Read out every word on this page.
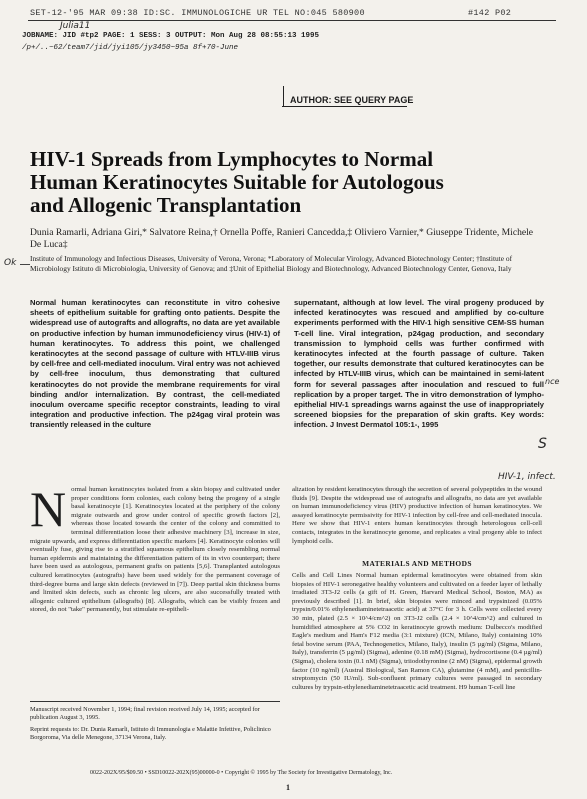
SET-12-'95 MAR 09:38 ID:SC. IMMUNOLOGICHE UR TEL NO:045 580900	#142 P02
Julia11
JOBNAME: JID #tp2 PAGE: 1 SESS: 3 OUTPUT: Mon Aug 28 08:55:13 1995
/p+/..~62/team7/jid/jyi105/jy3450~95a 8f+70-June
AUTHOR: SEE QUERY PAGE
HIV-1 Spreads from Lymphocytes to Normal Human Keratinocytes Suitable for Autologous and Allogenic Transplantation
Dunia Ramarli, Adriana Giri,* Salvatore Reina,† Ornella Poffe, Ranieri Cancedda,‡ Oliviero Varnier,* Giuseppe Tridente, Michele De Luca‡
Ok Institute of Immunology and Infectious Diseases, University of Verona, Verona; *Laboratory of Molecular Virology, Advanced Biotechnology Center; †Institute of Microbiology Istituto di Microbiologia, University of Genova; and ‡Unit of Epithelial Biology and Biotechnology, Advanced Biotechnology Center, Genova, Italy
Normal human keratinocytes can reconstitute in vitro cohesive sheets of epithelium suitable for grafting onto patients. Despite the widespread use of autografts and allografts, no data are yet available on productive infection by human immunodeficiency virus (HIV-1) of human keratinocytes. To address this point, we challenged keratinocytes at the second passage of culture with HTLV-IIIB virus by cell-free and cell-mediated inoculum. Viral entry was not achieved by cell-free inoculum, thus demonstrating that cultured keratinocytes do not provide the membrane requirements for viral binding and/or internalization. By contrast, the cell-mediated inoculum overcame specific receptor constraints, leading to viral integration and productive infection. The p24gag viral protein was transiently released in the culture
supernatant, although at low level. The viral progeny produced by infected keratinocytes was rescued and amplified by co-culture experiments performed with the HIV-1 high sensitive CEM-SS human T-cell line. Viral integration, p24gag production, and secondary transmission to lymphoid cells was further confirmed with keratinocytes infected at the fourth passage of culture. Taken together, our results demonstrate that cultured keratinocytes can be infected by HTLV-IIIB virus, which can be maintained in semi-latent form for several passages after inoculation and rescued to full replication by a proper target. The in vitro demonstration of lympho-epithelial HIV-1 spreadings warns against the use of inappropriately screened biopsies for the preparation of skin grafts. Key words: infection. J Invest Dermatol 105:1-, 1995
nce
S
HIV-1, infect.
Normal human keratinocytes isolated from a skin biopsy and cultivated under proper conditions form colonies, each colony being the progeny of a single basal keratinocyte [1]. Keratinocytes located at the periphery of the colony migrate outwards and grow under control of specific growth factors [2], whereas those located towards the center of the colony and committed to terminal differentiation loose their adhesive machinery [3], increase in size, migrate upwards, and express differentiation specific markers [4]. Keratinocyte colonies will eventually fuse, giving rise to a stratified squamous epithelium closely resembling normal human epidermis and maintaining the differentiation pattern of its in vivo counterpart; there have been used as autologous, permanent grafts on patients [5,6]. Transplanted autologous cultured keratinocytes (autografts) have been used widely for the permanent coverage of third-degree burns and large skin defects (reviewed in [7]). Deep partial skin thickness burns and limited skin defects, such as chronic leg ulcers, are also successfully treated with allogenic cultured epithelium (allografts) [8]. Allografts, which can be visibly frozen and stored, do not "take" permanently, but stimulate re-epitheli-
alization by resident keratinocytes through the secretion of several polypeptides in the wound fluids [9]. Despite the widespread use of autografts and allografts, no data are yet available on human immunodeficiency virus (HIV) productive infection of human keratinocytes. We assayed keratinocyte permissivity for HIV-1 infection by cell-free and cell-mediated inocula. Here we show that HIV-1 enters human keratinocytes through heterologous cell-cell contacts, integrates in the keratinocyte genome, and replicates a viral progeny able to infect lymphoid cells.
MATERIALS AND METHODS
Cells and Cell Lines Normal human epidermal keratinocytes were obtained from skin biopsies of HIV-1 seronegative healthy volunteers and cultivated on a feeder layer of lethally irradiated 3T3-J2 cells (a gift of H. Green, Harvard Medical School, Boston, MA) as previously described [1]. In brief, skin biopsies were minced and trypsinized (0.05% trypsin/0.01% ethylenediaminetetraacetic acid) at 37°C for 3 h. Cells were collected every 30 min, plated (2.5 × 10^4/cm^2) on 3T3-J2 cells (2.4 × 10^4/cm^2) and cultured in humidified atmosphere at 5% CO2 in keratinocyte growth medium: Dulbecco's modified Eagle's medium and Ham's F12 media (3:1 mixture) (ICN, Milano, Italy) containing 10% fetal bovine serum (PAA, Technogenetics, Milano, Italy), insulin (5 µg/ml) (Sigma, Milano, Italy), transferrin (5 µg/ml) (Sigma), adenine (0.18 mM) (Sigma), hydrocortisone (0.4 µg/ml) (Sigma), cholera toxin (0.1 nM) (Sigma), triiodothyronine (2 nM) (Sigma), epidermal growth factor (10 ng/ml) (Austral Biological, San Ramon CA), glutamine (4 mM), and penicillin-streptomycin (50 IU/ml). Sub-confluent primary cultures were passaged in secondary cultures by trypsin-ethylenediaminetetraacetic acid treatment. H9 human T-cell line
Manuscript received November 1, 1994; final revision received July 14, 1995; accepted for publication August 3, 1995.
Reprint requests to: Dr. Dunia Ramarli, Istituto di Immunologia e Malattie Infettive, Policlinico Borgoroma, Via delle Menegone, 37134 Verona, Italy.
0022-202X/95/$09.50 • SSD10022-202X(95)00000-0 • Copyright © 1995 by The Society for Investigative Dermatology, Inc.
1
